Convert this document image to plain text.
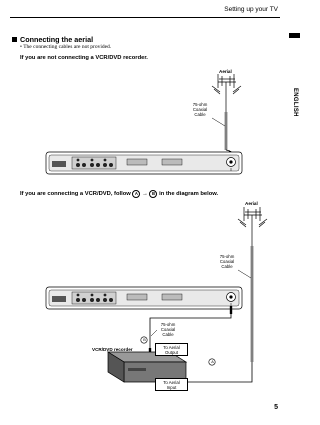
Setting up your TV
ENGLISH
Connecting the aerial
• The connecting cables are not provided.
If you are not connecting a VCR/DVD recorder.
If you are connecting a VCR/DVD, follow A → B in the diagram below.
Aerial
75-ohm
Coaxial
Cable
Aerial
75-ohm
Coaxial
Cable
75-ohm
Coaxial
Cable
VCR/DVD recorder	To Aerial
Output
To Aerial
Input
B
A
5
